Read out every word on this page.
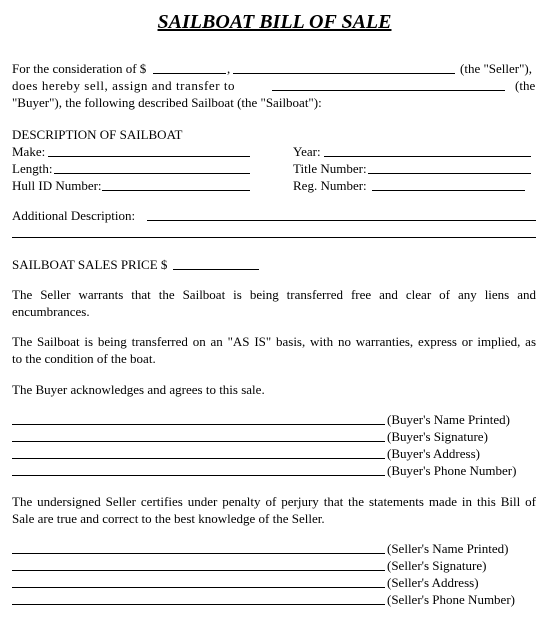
SAILBOAT BILL OF SALE
For the consideration of $	,	(the "Seller"),
does hereby sell, assign and transfer to	(the
"Buyer"), the following described Sailboat (the "Sailboat"):
DESCRIPTION OF SAILBOAT
Make:	Year:
Length:	Title Number:
Hull ID Number:	Reg. Number:
Additional Description:
SAILBOAT SALES PRICE $
The Seller warrants that the Sailboat is being transferred free and clear of any liens and
encumbrances.
The Sailboat is being transferred on an "AS IS" basis, with no warranties, express or implied, as
to the condition of the boat.
The Buyer acknowledges and agrees to this sale.
(Buyer's Name Printed)
(Buyer's Signature)
(Buyer's Address)
(Buyer's Phone Number)
The undersigned Seller certifies under penalty of perjury that the statements made in this Bill of
Sale are true and correct to the best knowledge of the Seller.
(Seller's Name Printed)
(Seller's Signature)
(Seller's Address)
(Seller's Phone Number)
